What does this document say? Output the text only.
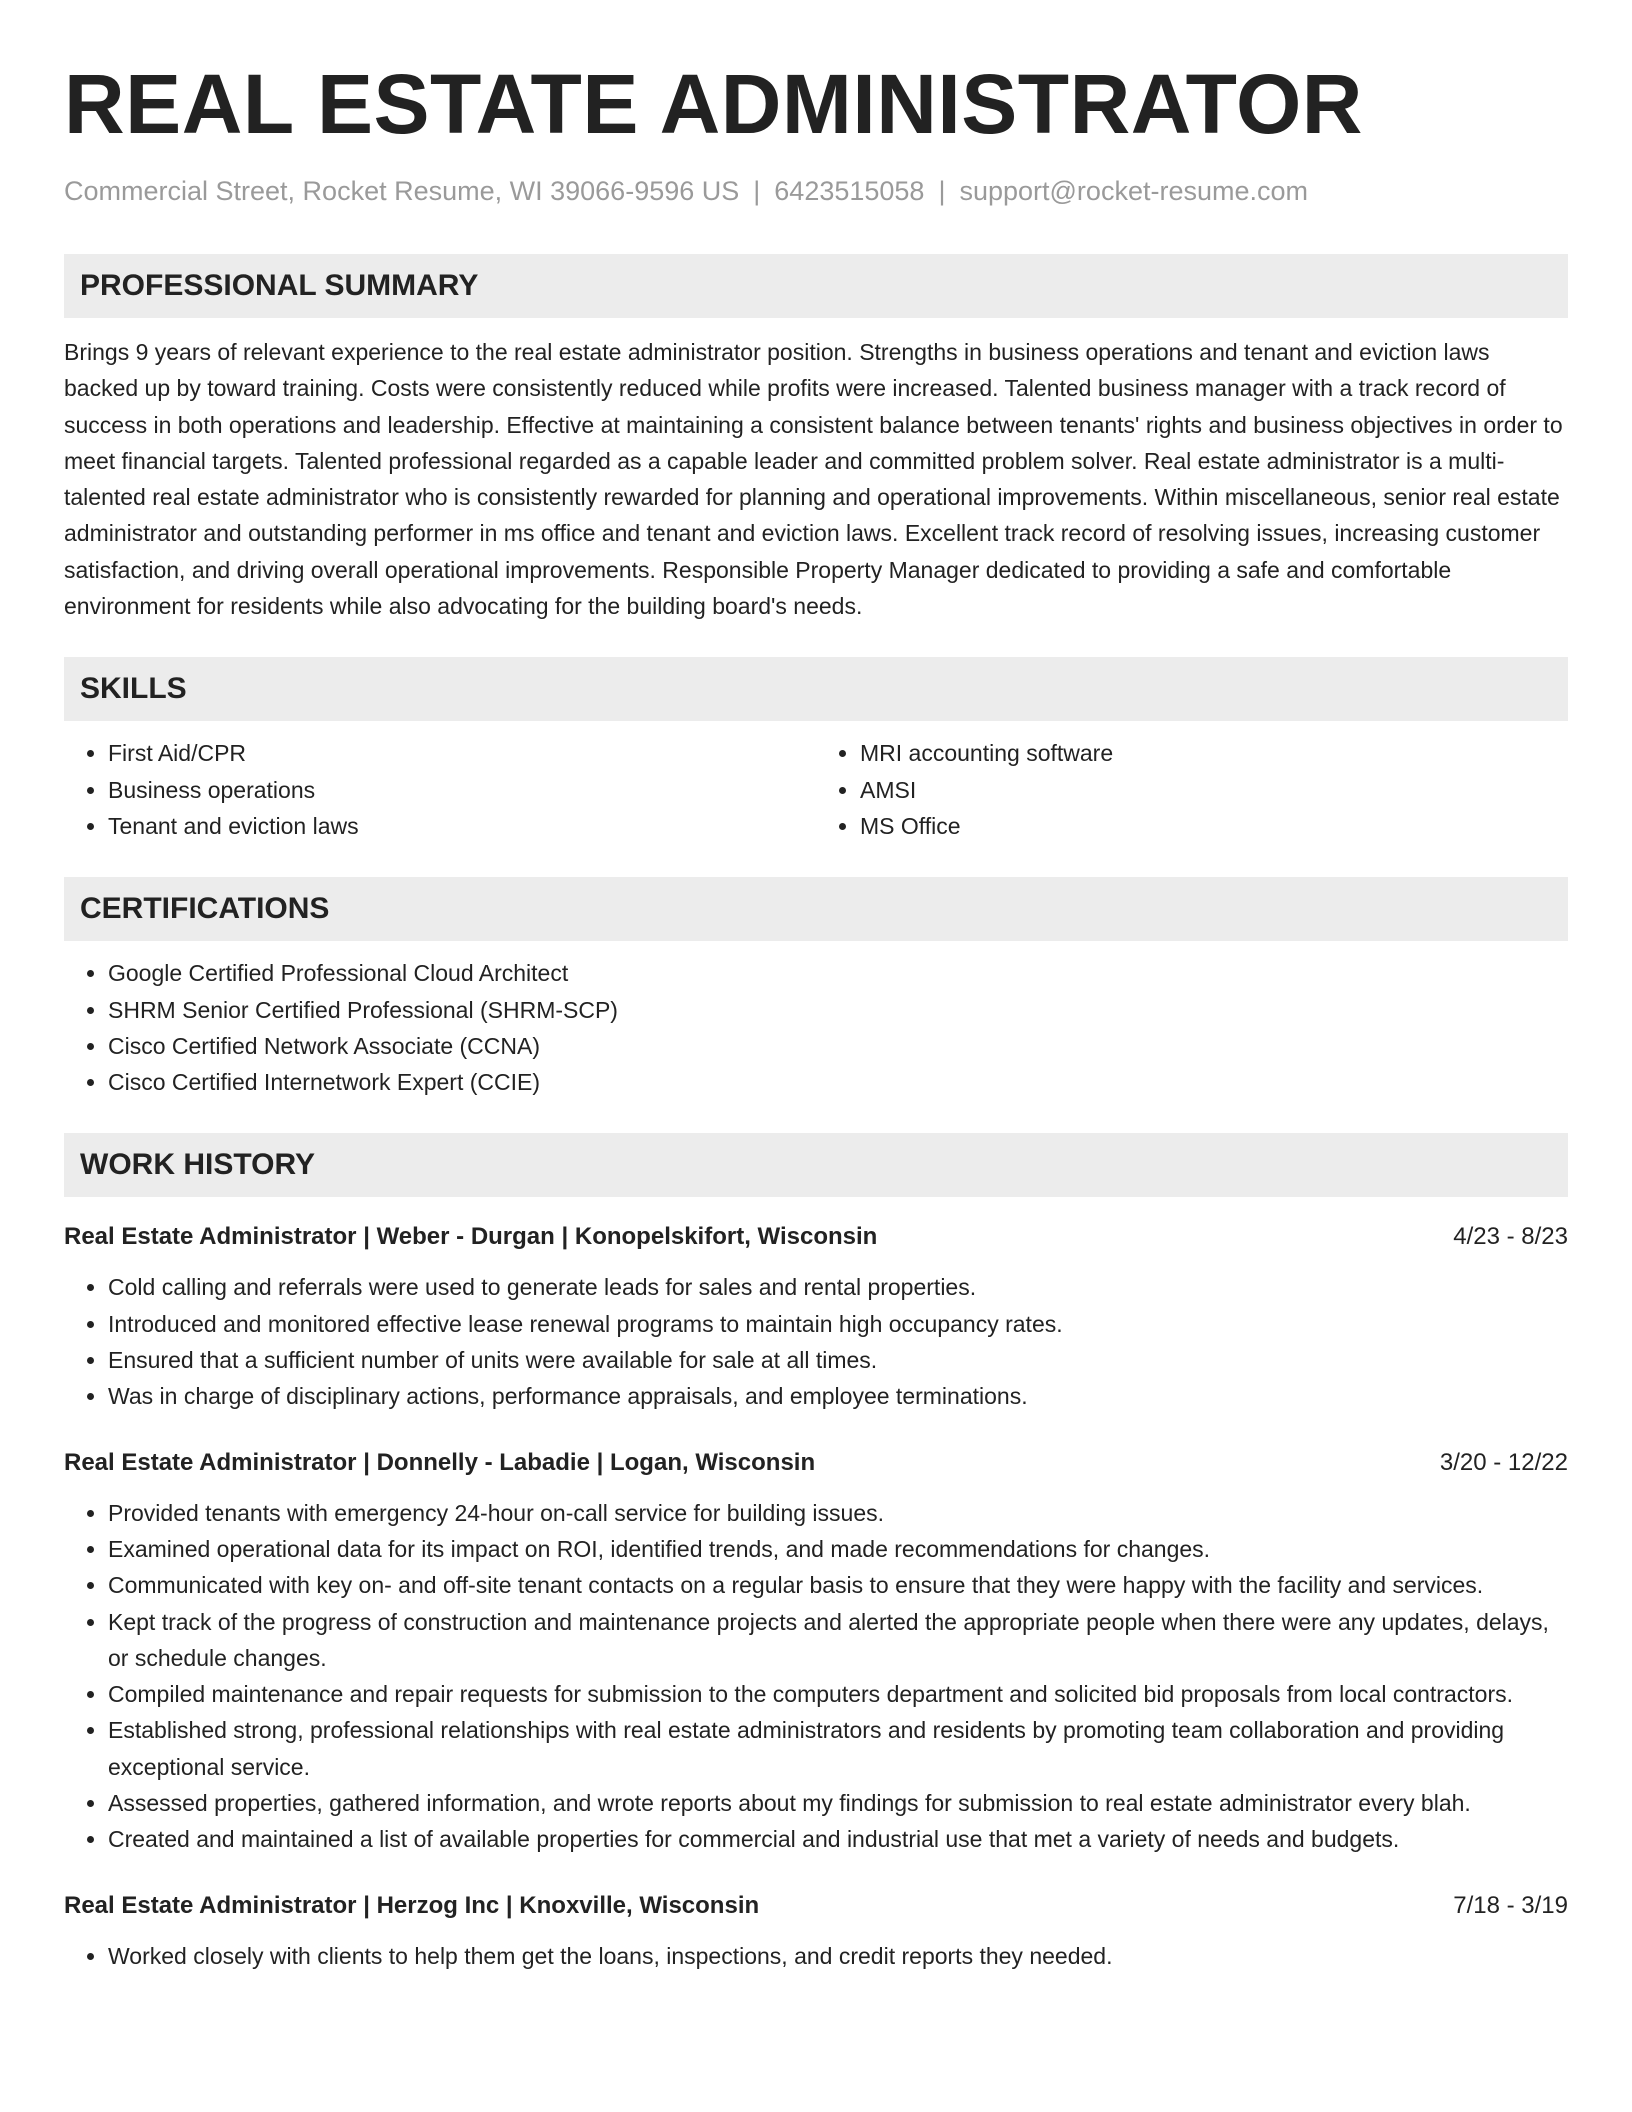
REAL ESTATE ADMINISTRATOR
Commercial Street, Rocket Resume, WI 39066-9596 US | 6423515058 | support@rocket-resume.com
PROFESSIONAL SUMMARY

Brings 9 years of relevant experience to the real estate administrator position. Strengths in business operations and tenant and eviction laws backed up by toward training. Costs were consistently reduced while profits were increased. Talented business manager with a track record of success in both operations and leadership. Effective at maintaining a consistent balance between tenants' rights and business objectives in order to meet financial targets. Talented professional regarded as a capable leader and committed problem solver. Real estate administrator is a multi-talented real estate administrator who is consistently rewarded for planning and operational improvements. Within miscellaneous, senior real estate administrator and outstanding performer in ms office and tenant and eviction laws. Excellent track record of resolving issues, increasing customer satisfaction, and driving overall operational improvements. Responsible Property Manager dedicated to providing a safe and comfortable environment for residents while also advocating for the building board's needs.

SKILLS
• First Aid/CPR
• Business operations
• Tenant and eviction laws
• MRI accounting software
• AMSI
• MS Office
CERTIFICATIONS
• Google Certified Professional Cloud Architect
• SHRM Senior Certified Professional (SHRM-SCP)
• Cisco Certified Network Associate (CCNA)
• Cisco Certified Internetwork Expert (CCIE)
WORK HISTORY
Real Estate Administrator | Weber - Durgan | Konopelskifort, Wisconsin	4/23 - 8/23
• Cold calling and referrals were used to generate leads for sales and rental properties.
• Introduced and monitored effective lease renewal programs to maintain high occupancy rates.
• Ensured that a sufficient number of units were available for sale at all times.
• Was in charge of disciplinary actions, performance appraisals, and employee terminations.
Real Estate Administrator | Donnelly - Labadie | Logan, Wisconsin	3/20 - 12/22
• Provided tenants with emergency 24-hour on-call service for building issues.
• Examined operational data for its impact on ROI, identified trends, and made recommendations for changes.
• Communicated with key on- and off-site tenant contacts on a regular basis to ensure that they were happy with the facility and services.
• Kept track of the progress of construction and maintenance projects and alerted the appropriate people when there were any updates, delays, or schedule changes.
• Compiled maintenance and repair requests for submission to the computers department and solicited bid proposals from local contractors.
• Established strong, professional relationships with real estate administrators and residents by promoting team collaboration and providing exceptional service.
• Assessed properties, gathered information, and wrote reports about my findings for submission to real estate administrator every blah.
• Created and maintained a list of available properties for commercial and industrial use that met a variety of needs and budgets.
Real Estate Administrator | Herzog Inc | Knoxville, Wisconsin	7/18 - 3/19
• Worked closely with clients to help them get the loans, inspections, and credit reports they needed.
